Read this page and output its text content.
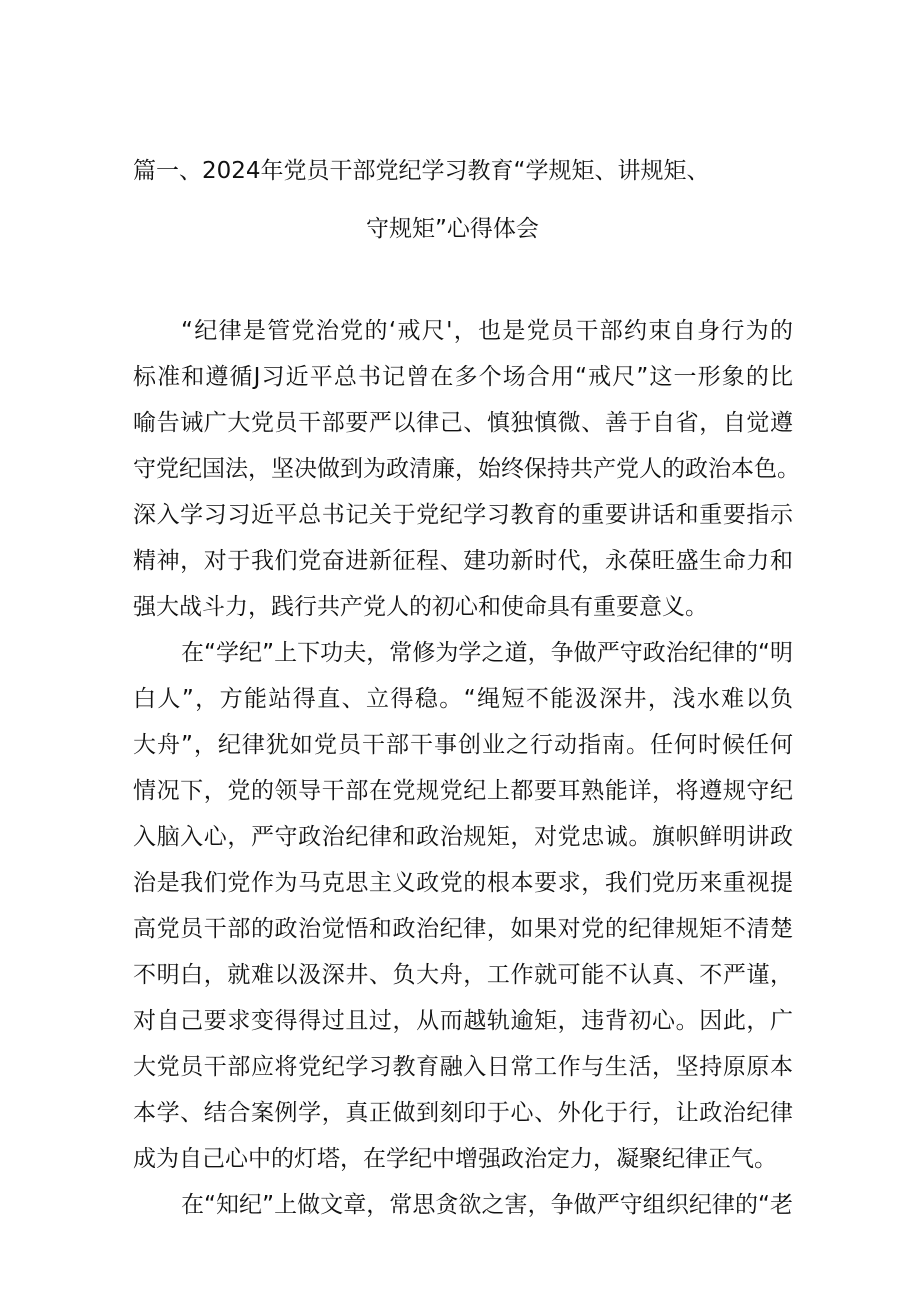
篇一、2024年党员干部党纪学习教育“学规矩、讲规矩、
守规矩”心得体会
“纪律是管党治党的‘戒尺'，也是党员干部约束自身行为的
标准和遵循J习近平总书记曾在多个场合用“戒尺”这一形象的比
喻告诫广大党员干部要严以律己、慎独慎微、善于自省，自觉遵
守党纪国法，坚决做到为政清廉，始终保持共产党人的政治本色。
深入学习习近平总书记关于党纪学习教育的重要讲话和重要指示
精神，对于我们党奋进新征程、建功新时代，永葆旺盛生命力和
强大战斗力，践行共产党人的初心和使命具有重要意义。
在“学纪”上下功夫，常修为学之道，争做严守政治纪律的“明
白人”，方能站得直、立得稳。“绳短不能汲深井，浅水难以负
大舟”，纪律犹如党员干部干事创业之行动指南。任何时候任何
情况下，党的领导干部在党规党纪上都要耳熟能详，将遵规守纪
入脑入心，严守政治纪律和政治规矩，对党忠诚。旗帜鲜明讲政
治是我们党作为马克思主义政党的根本要求，我们党历来重视提
高党员干部的政治觉悟和政治纪律，如果对党的纪律规矩不清楚
不明白，就难以汲深井、负大舟，工作就可能不认真、不严谨，
对自己要求变得得过且过，从而越轨逾矩，违背初心。因此，广
大党员干部应将党纪学习教育融入日常工作与生活，坚持原原本
本学、结合案例学，真正做到刻印于心、外化于行，让政治纪律
成为自己心中的灯塔，在学纪中增强政治定力，凝聚纪律正气。
在“知纪”上做文章，常思贪欲之害，争做严守组织纪律的“老
